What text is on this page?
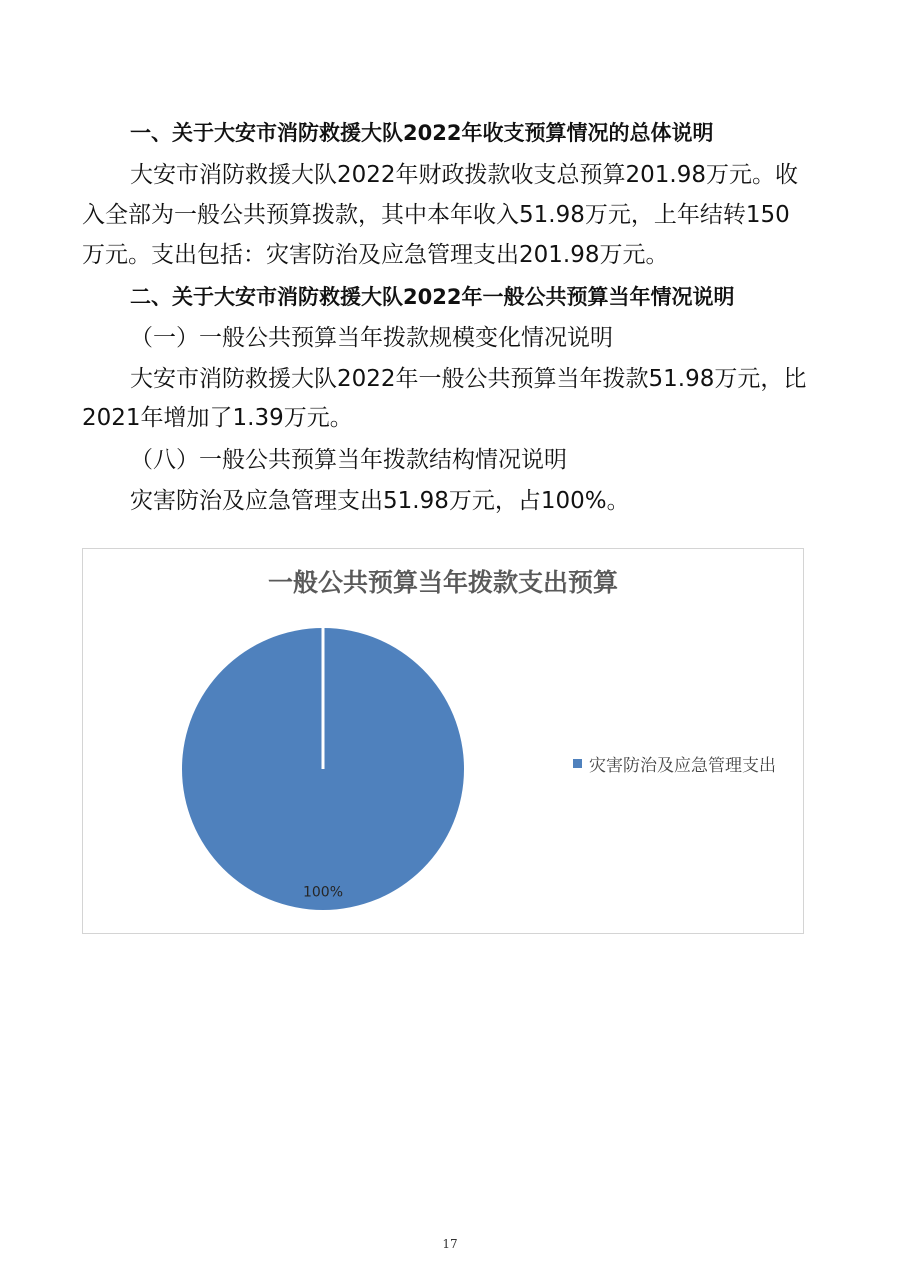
一、关于大安市消防救援大队2022年收支预算情况的总体说明
大安市消防救援大队2022年财政拨款收支总预算201.98万元。收
入全部为一般公共预算拨款，其中本年收入51.98万元，上年结转150
万元。支出包括：灾害防治及应急管理支出201.98万元。
二、关于大安市消防救援大队2022年一般公共预算当年情况说明
（一）一般公共预算当年拨款规模变化情况说明
大安市消防救援大队2022年一般公共预算当年拨款51.98万元，比
2021年增加了1.39万元。
（八）一般公共预算当年拨款结构情况说明
灾害防治及应急管理支出51.98万元，占100%。
一般公共预算当年拨款支出预算
100%
灾害防治及应急管理支出
17
